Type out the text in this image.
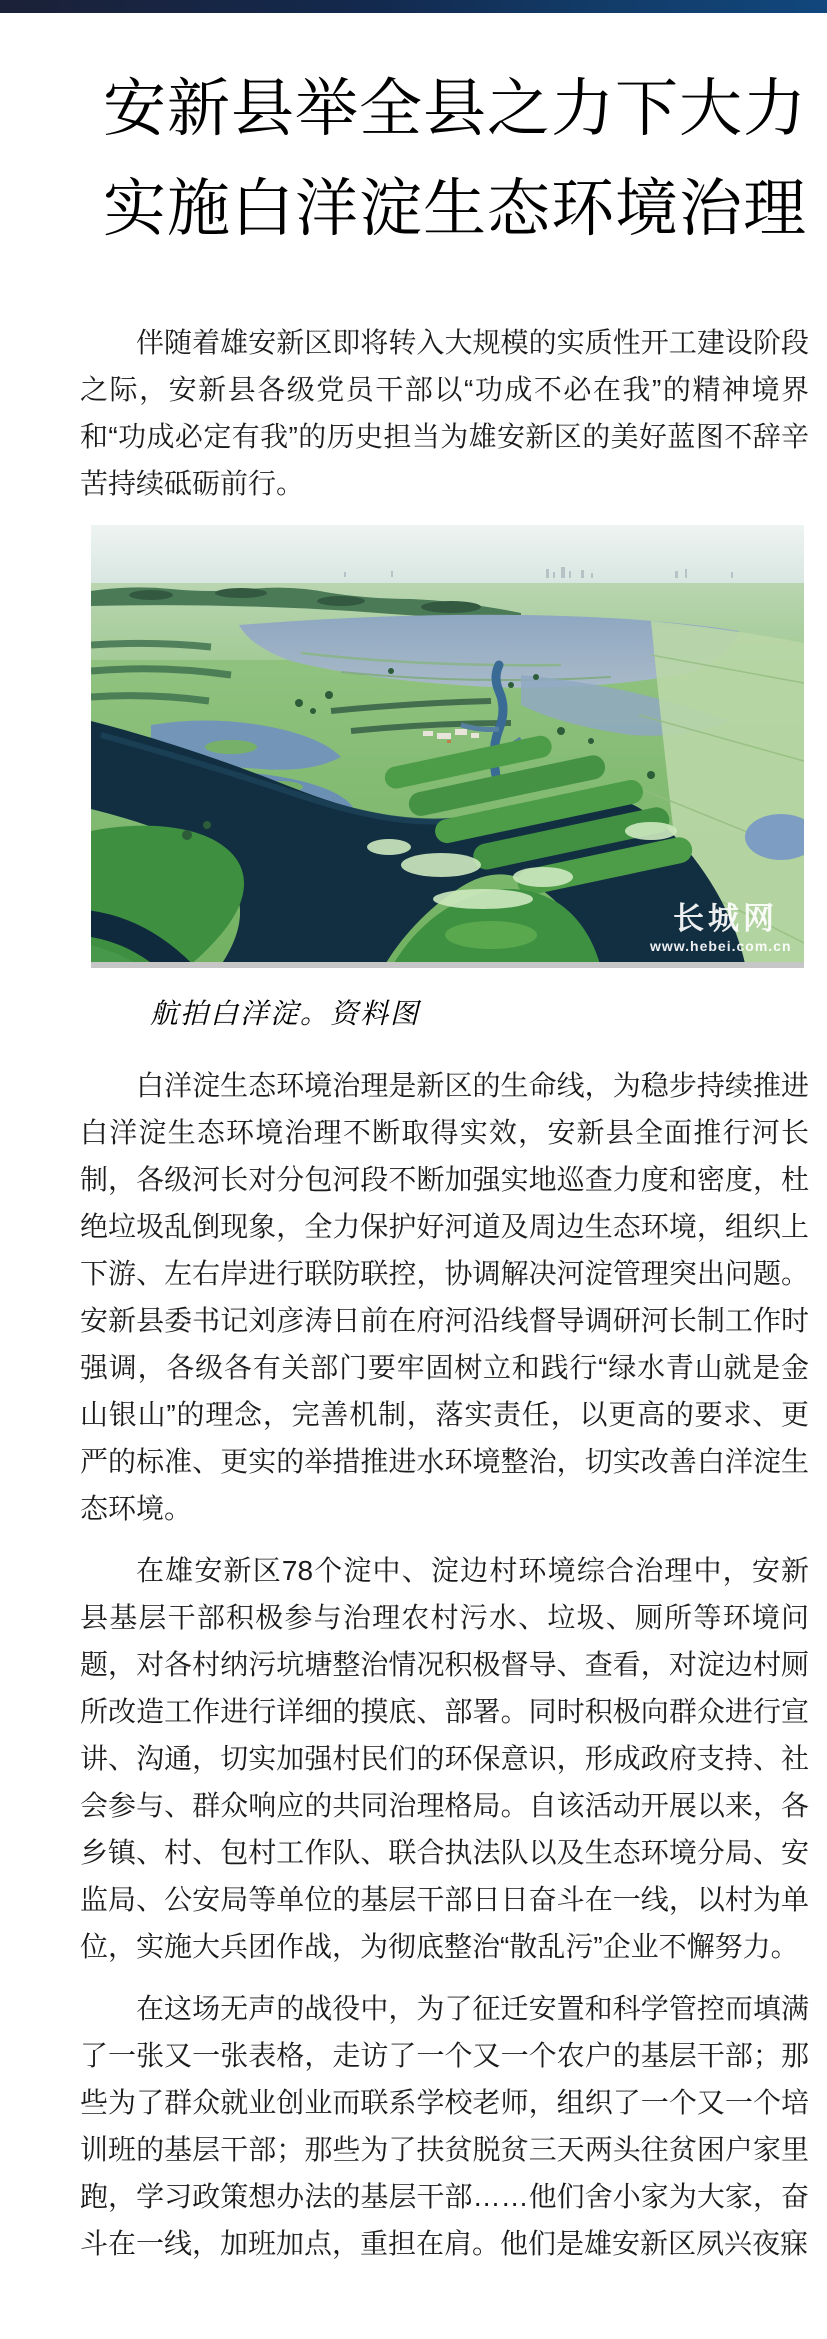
安新县举全县之力下大力实施白洋淀生态环境治理

伴随着雄安新区即将转入大规模的实质性开工建设阶段之际，安新县各级党员干部以“功成不必在我”的精神境界和“功成必定有我”的历史担当为雄安新区的美好蓝图不辞辛苦持续砥砺前行。

长城网
www.hebei.com.cn
航拍白洋淀。资料图

白洋淀生态环境治理是新区的生命线，为稳步持续推进白洋淀生态环境治理不断取得实效，安新县全面推行河长制，各级河长对分包河段不断加强实地巡查力度和密度，杜绝垃圾乱倒现象，全力保护好河道及周边生态环境，组织上下游、左右岸进行联防联控，协调解决河淀管理突出问题。安新县委书记刘彦涛日前在府河沿线督导调研河长制工作时强调，各级各有关部门要牢固树立和践行“绿水青山就是金山银山”的理念，完善机制，落实责任，以更高的要求、更严的标准、更实的举措推进水环境整治，切实改善白洋淀生态环境。

在雄安新区78个淀中、淀边村环境综合治理中，安新县基层干部积极参与治理农村污水、垃圾、厕所等环境问题，对各村纳污坑塘整治情况积极督导、查看，对淀边村厕所改造工作进行详细的摸底、部署。同时积极向群众进行宣讲、沟通，切实加强村民们的环保意识，形成政府支持、社会参与、群众响应的共同治理格局。自该活动开展以来，各乡镇、村、包村工作队、联合执法队以及生态环境分局、安监局、公安局等单位的基层干部日日奋斗在一线，以村为单位，实施大兵团作战，为彻底整治“散乱污”企业不懈努力。

在这场无声的战役中，为了征迁安置和科学管控而填满了一张又一张表格，走访了一个又一个农户的基层干部；那些为了群众就业创业而联系学校老师，组织了一个又一个培训班的基层干部；那些为了扶贫脱贫三天两头往贫困户家里跑，学习政策想办法的基层干部……他们舍小家为大家，奋斗在一线，加班加点，重担在肩。他们是雄安新区夙兴夜寐
